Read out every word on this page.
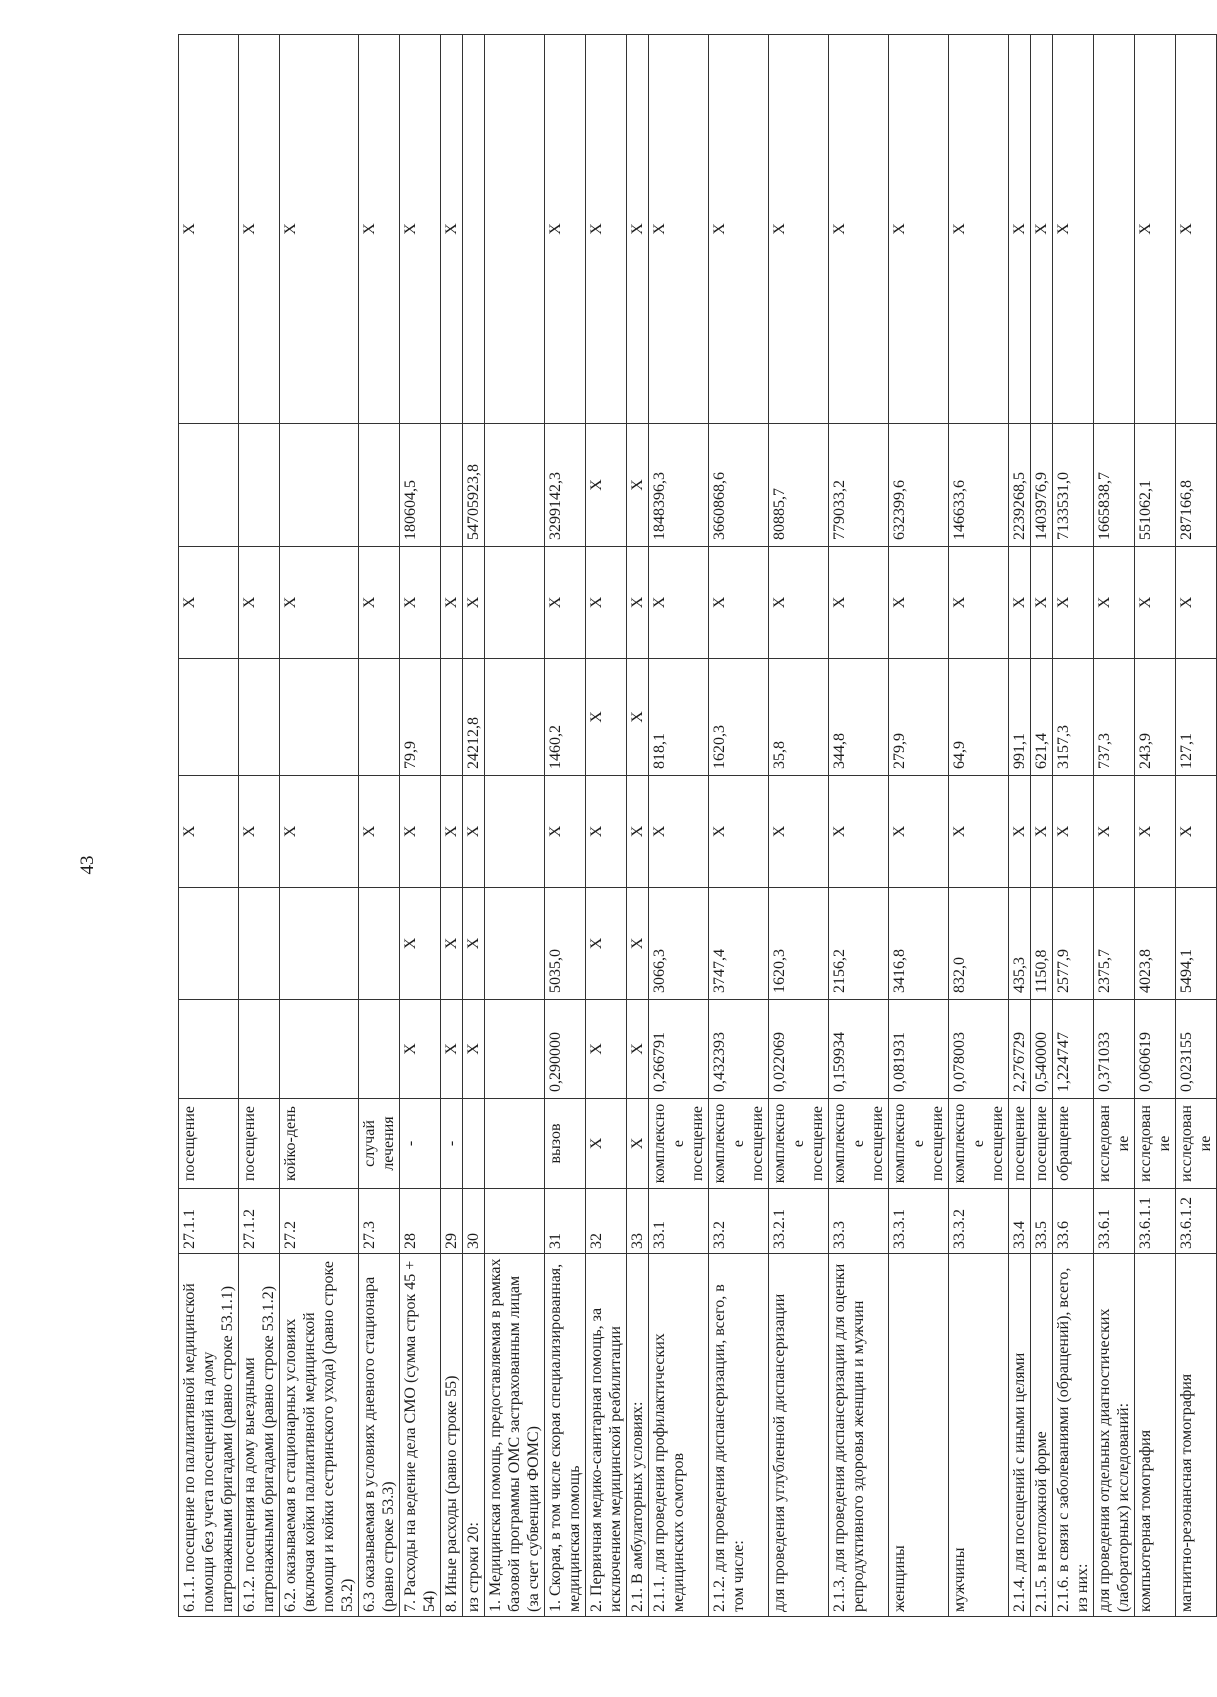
43
6.1.1. посещение по паллиативной медицинской помощи без учета посещений на дому патронажными бригадами (равно строке 53.1.1)	27.1.1	посещение			X		X		X
6.1.2. посещения на дому выездными патронажными бригадами (равно строке 53.1.2)	27.1.2	посещение			X		X		X
6.2. оказываемая в стационарных условиях (включая койки паллиативной медицинской помощи и койки сестринского ухода) (равно строке 53.2)	27.2	койко-день			X		X		X
6.3 оказываемая в условиях дневного стационара (равно строке 53.3)	27.3	случай лечения			X		X		X
7. Расходы на ведение дела СМО (сумма строк 45 + 54)	28	-	X	X	X	79,9	X	180604,5	X
8. Иные расходы (равно строке 55)	29	-	X	X	X		X		X
из строки 20:	30		X	X	X	24212,8	X	54705923,8	
1. Медицинская помощь, предоставляемая в рамках базовой программы ОМС застрахованным лицам (за счет субвенции ФОМС)									
1. Скорая, в том числе скорая специализированная, медицинская помощь	31	вызов	0,290000	5035,0	X	1460,2	X	3299142,3	X
2. Первичная медико-санитарная помощь, за исключением медицинской реабилитации	32	X	X	X	X	X	X	X	X
2.1. В амбулаторных условиях:	33	X	X	X	X	X	X	X	X
2.1.1. для проведения профилактических медицинских осмотров	33.1	комплексное посещение	0,266791	3066,3	X	818,1	X	1848396,3	X
2.1.2. для проведения диспансеризации, всего, в том числе:	33.2	комплексное посещение	0,432393	3747,4	X	1620,3	X	3660868,6	X
для проведения углубленной диспансеризации	33.2.1	комплексное посещение	0,022069	1620,3	X	35,8	X	80885,7	X
2.1.3. для проведения диспансеризации для оценки репродуктивного здоровья женщин и мужчин	33.3	комплексное посещение	0,159934	2156,2	X	344,8	X	779033,2	X
женщины	33.3.1	комплексное посещение	0,081931	3416,8	X	279,9	X	632399,6	X
мужчины	33.3.2	комплексное посещение	0,078003	832,0	X	64,9	X	146633,6	X
2.1.4. для посещений с иными целями	33.4	посещение	2,276729	435,3	X	991,1	X	2239268,5	X
2.1.5. в неотложной форме	33.5	посещение	0,540000	1150,8	X	621,4	X	1403976,9	X
2.1.6. в связи с заболеваниями (обращений), всего, из них:	33.6	обращение	1,224747	2577,9	X	3157,3	X	7133531,0	X
для проведения отдельных диагностических (лабораторных) исследований:	33.6.1	исследование	0,371033	2375,7	X	737,3	X	1665838,7	
компьютерная томография	33.6.1.1	исследование	0,060619	4023,8	X	243,9	X	551062,1	X
магнитно-резонансная томография	33.6.1.2	исследование	0,023155	5494,1	X	127,1	X	287166,8	X
